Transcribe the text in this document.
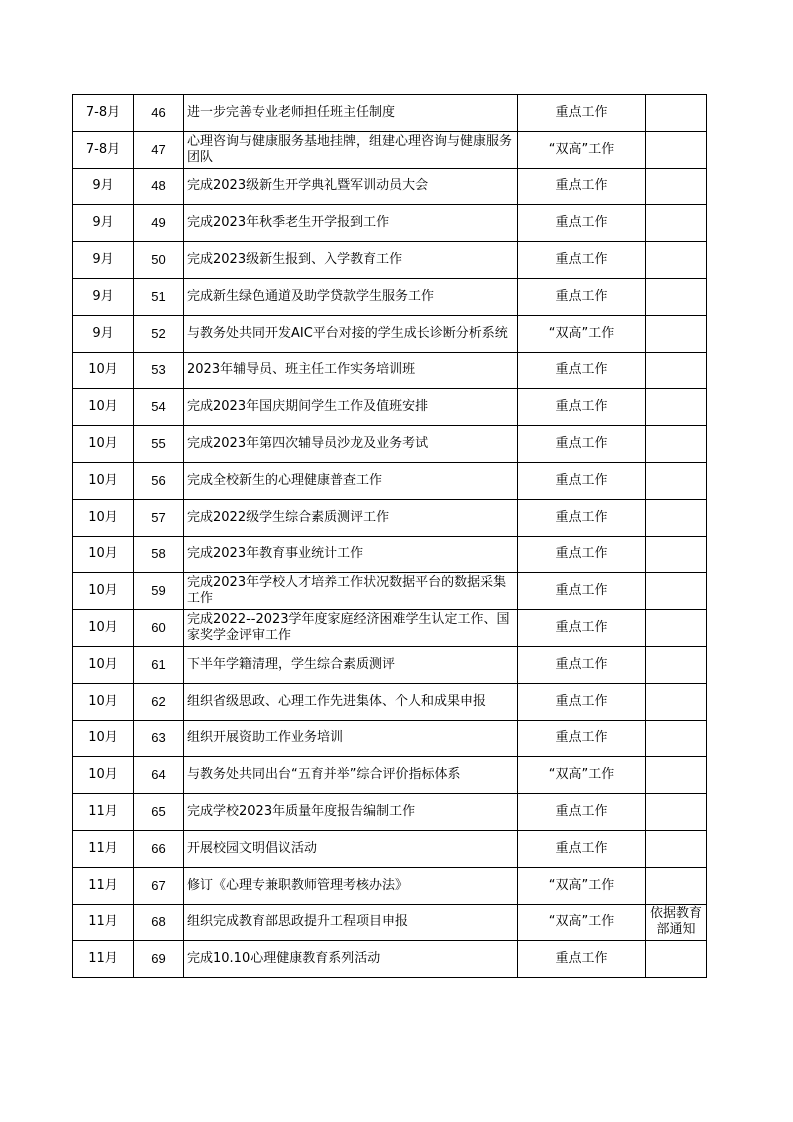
7-8月	46	进一步完善专业老师担任班主任制度	重点工作	
7-8月	47	心理咨询与健康服务基地挂牌，组建心理咨询与健康服务团队	“双高”工作	
9月	48	完成2023级新生开学典礼暨军训动员大会	重点工作	
9月	49	完成2023年秋季老生开学报到工作	重点工作	
9月	50	完成2023级新生报到、入学教育工作	重点工作	
9月	51	完成新生绿色通道及助学贷款学生服务工作	重点工作	
9月	52	与教务处共同开发AIC平台对接的学生成长诊断分析系统	“双高”工作	
10月	53	2023年辅导员、班主任工作实务培训班	重点工作	
10月	54	完成2023年国庆期间学生工作及值班安排	重点工作	
10月	55	完成2023年第四次辅导员沙龙及业务考试	重点工作	
10月	56	完成全校新生的心理健康普查工作	重点工作	
10月	57	完成2022级学生综合素质测评工作	重点工作	
10月	58	完成2023年教育事业统计工作	重点工作	
10月	59	完成2023年学校人才培养工作状况数据平台的数据采集工作	重点工作	
10月	60	完成2022--2023学年度家庭经济困难学生认定工作、国家奖学金评审工作	重点工作	
10月	61	下半年学籍清理，学生综合素质测评	重点工作	
10月	62	组织省级思政、心理工作先进集体、个人和成果申报	重点工作	
10月	63	组织开展资助工作业务培训	重点工作	
10月	64	与教务处共同出台“五育并举”综合评价指标体系	“双高”工作	
11月	65	完成学校2023年质量年度报告编制工作	重点工作	
11月	66	开展校园文明倡议活动	重点工作	
11月	67	修订《心理专兼职教师管理考核办法》	“双高”工作	
11月	68	组织完成教育部思政提升工程项目申报	“双高”工作	依据教育部通知
11月	69	完成10.10心理健康教育系列活动	重点工作	
